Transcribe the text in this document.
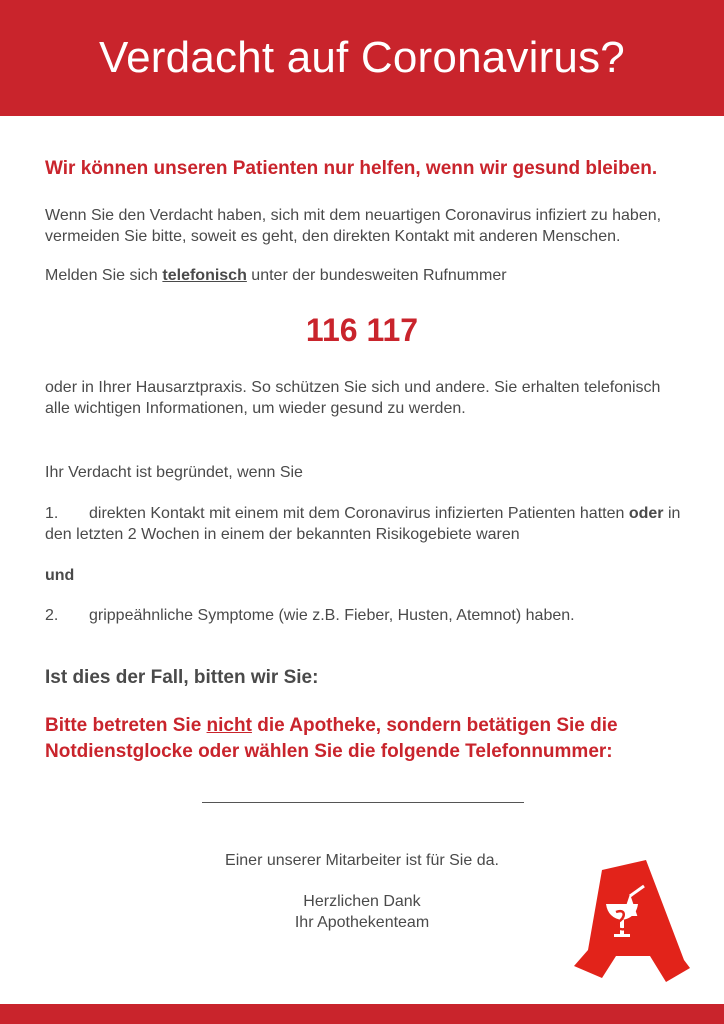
Verdacht auf Coronavirus?
Wir können unseren Patienten nur helfen, wenn wir gesund bleiben.
Wenn Sie den Verdacht haben, sich mit dem neuartigen Coronavirus infiziert zu haben, vermeiden Sie bitte, soweit es geht, den direkten Kontakt mit anderen Menschen.
Melden Sie sich telefonisch unter der bundesweiten Rufnummer
116 117
oder in Ihrer Hausarztpraxis. So schützen Sie sich und andere. Sie erhalten telefonisch alle wichtigen Informationen, um wieder gesund zu werden.
Ihr Verdacht ist begründet, wenn Sie
1. direkten Kontakt mit einem mit dem Coronavirus infizierten Patienten hatten oder in den letzten 2 Wochen in einem der bekannten Risikogebiete waren
und
2. grippeähnliche Symptome (wie z.B. Fieber, Husten, Atemnot) haben.
Ist dies der Fall, bitten wir Sie:
Bitte betreten Sie nicht die Apotheke, sondern betätigen Sie die Notdienstglocke oder wählen Sie die folgende Telefonnummer:
Einer unserer Mitarbeiter ist für Sie da.
Herzlichen Dank
Ihr Apothekenteam
